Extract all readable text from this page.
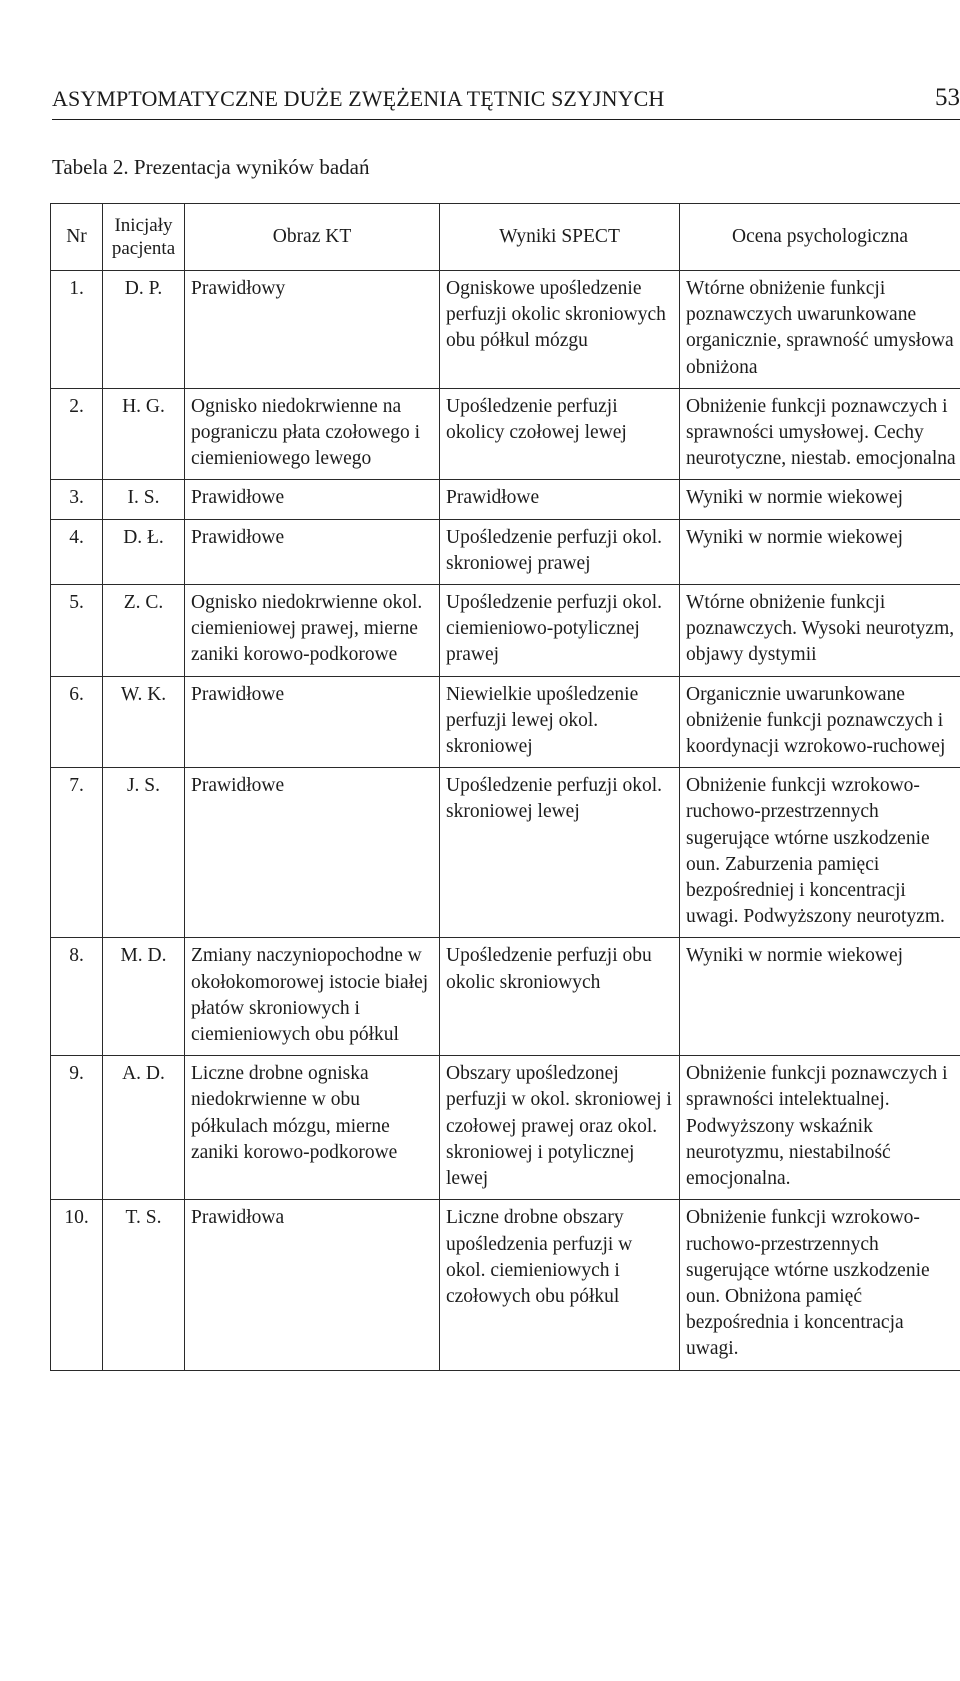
ASYMPTOMATYCZNE DUŻE ZWĘŻENIA TĘTNIC SZYJNYCH	53
Tabela 2. Prezentacja wyników badań
Nr	Inicjały pacjenta	Obraz KT	Wyniki SPECT	Ocena psychologiczna
1.	D. P.	Prawidłowy	Ogniskowe upośledzenie perfuzji okolic skroniowych obu półkul mózgu	Wtórne obniżenie funkcji poznawczych uwarunkowane organicznie, sprawność umysłowa obniżona
2.	H. G.	Ognisko niedokrwienne na pograniczu płata czołowego i ciemieniowego lewego	Upośledzenie perfuzji okolicy czołowej lewej	Obniżenie funkcji poznawczych i sprawności umysłowej. Cechy neurotyczne, niestab. emocjonalna
3.	I. S.	Prawidłowe	Prawidłowe	Wyniki w normie wiekowej
4.	D. Ł.	Prawidłowe	Upośledzenie perfuzji okol. skroniowej prawej	Wyniki w normie wiekowej
5.	Z. C.	Ognisko niedokrwienne okol. ciemieniowej prawej, mierne zaniki korowo-podkorowe	Upośledzenie perfuzji okol. ciemieniowo-potylicznej prawej	Wtórne obniżenie funkcji poznawczych. Wysoki neurotyzm, objawy dystymii
6.	W. K.	Prawidłowe	Niewielkie upośledzenie perfuzji lewej okol. skroniowej	Organicznie uwarunkowane obniżenie funkcji poznawczych i koordynacji wzrokowo-ruchowej
7.	J. S.	Prawidłowe	Upośledzenie perfuzji okol. skroniowej lewej	Obniżenie funkcji wzrokowo-ruchowo-przestrzennych sugerujące wtórne uszkodzenie oun. Zaburzenia pamięci bezpośredniej i koncentracji uwagi. Podwyższony neurotyzm.
8.	M. D.	Zmiany naczyniopochodne w okołokomorowej istocie białej płatów skroniowych i ciemieniowych obu półkul	Upośledzenie perfuzji obu okolic skroniowych	Wyniki w normie wiekowej
9.	A. D.	Liczne drobne ogniska niedokrwienne w obu półkulach mózgu, mierne zaniki korowo-podkorowe	Obszary upośledzonej perfuzji w okol. skroniowej i czołowej prawej oraz okol. skroniowej i potylicznej lewej	Obniżenie funkcji poznawczych i sprawności intelektualnej. Podwyższony wskaźnik neurotyzmu, niestabilność emocjonalna.
10.	T. S.	Prawidłowa	Liczne drobne obszary upośledzenia perfuzji w okol. ciemieniowych i czołowych obu półkul	Obniżenie funkcji wzrokowo-ruchowo-przestrzennych sugerujące wtórne uszkodzenie oun. Obniżona pamięć bezpośrednia i koncentracja uwagi.
